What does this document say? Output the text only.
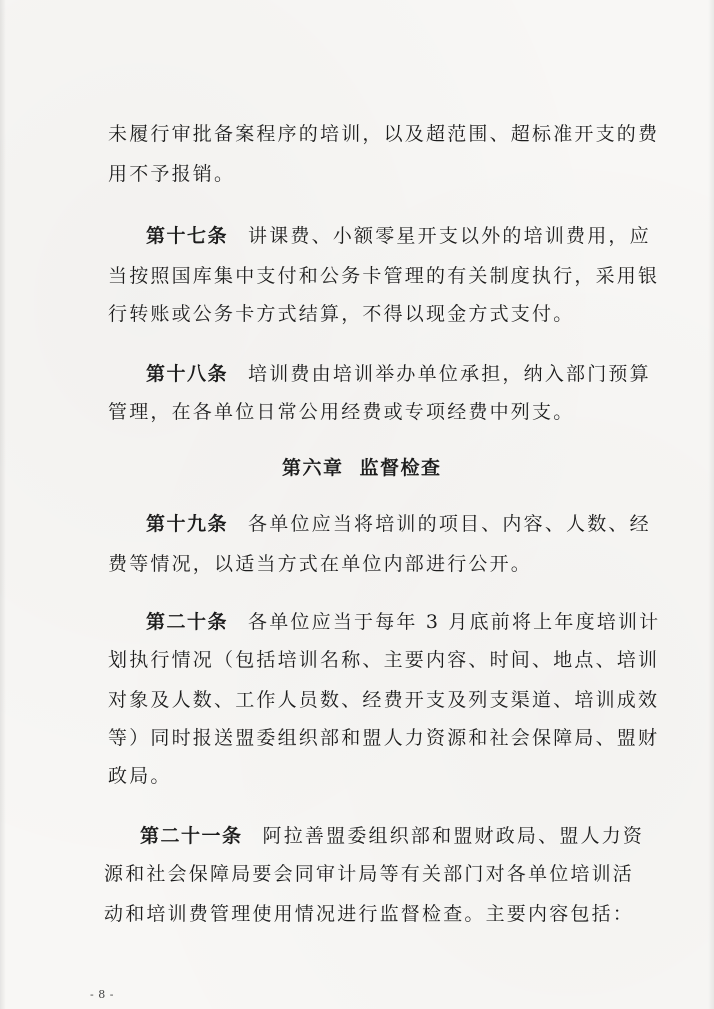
未履行审批备案程序的培训，以及超范围、超标准开支的费
用不予报销。
第十七条 讲课费、小额零星开支以外的培训费用，应
当按照国库集中支付和公务卡管理的有关制度执行，采用银
行转账或公务卡方式结算，不得以现金方式支付。
第十八条 培训费由培训举办单位承担，纳入部门预算
管理，在各单位日常公用经费或专项经费中列支。
第六章 监督检查
第十九条 各单位应当将培训的项目、内容、人数、经
费等情况，以适当方式在单位内部进行公开。
第二十条 各单位应当于每年 3 月底前将上年度培训计
划执行情况（包括培训名称、主要内容、时间、地点、培训
对象及人数、工作人员数、经费开支及列支渠道、培训成效
等）同时报送盟委组织部和盟人力资源和社会保障局、盟财
政局。
第二十一条 阿拉善盟委组织部和盟财政局、盟人力资
源和社会保障局要会同审计局等有关部门对各单位培训活
动和培训费管理使用情况进行监督检查。主要内容包括：
- 8 -
